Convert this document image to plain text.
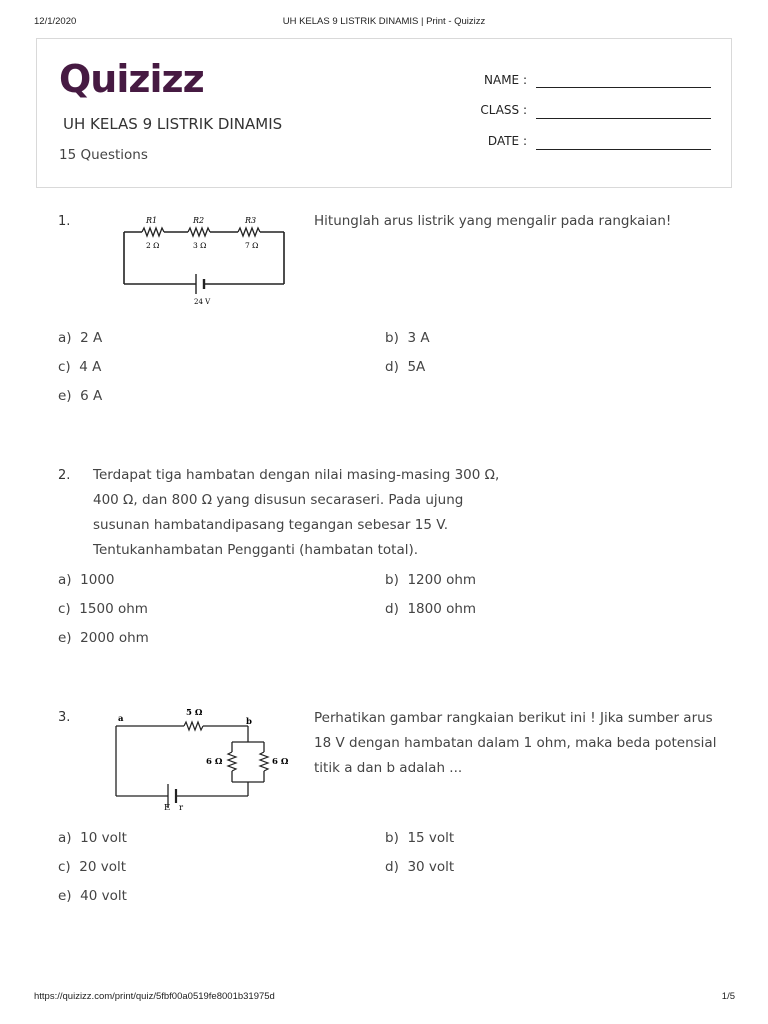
12/1/2020	UH KELAS 9 LISTRIK DINAMIS | Print - Quizizz
Quizizz
UH KELAS 9 LISTRIK DINAMIS
15 Questions
NAME :
CLASS :
DATE :
1.	R1	R2	R3
2 Ω	3 Ω	7 Ω
24 V
Hitunglah arus listrik yang mengalir pada rangkaian!
a) 2 A	b) 3 A
c) 4 A	d) 5A
e) 6 A
2. Terdapat tiga hambatan dengan nilai masing-masing 300 Ω,
400 Ω, dan 800 Ω yang disusun secaraseri. Pada ujung
susunan hambatandipasang tegangan sebesar 15 V.
Tentukanhambatan Pengganti (hambatan total).
a) 1000	b) 1200 ohm
c) 1500 ohm	d) 1800 ohm
e) 2000 ohm
3.	a	b
5 Ω
6 Ω	6 Ω
E r
Perhatikan gambar rangkaian berikut ini ! Jika sumber arus
18 V dengan hambatan dalam 1 ohm, maka beda potensial
titik a dan b adalah ...
a) 10 volt	b) 15 volt
c) 20 volt	d) 30 volt
e) 40 volt
https://quizizz.com/print/quiz/5fbf00a0519fe8001b31975d	1/5
